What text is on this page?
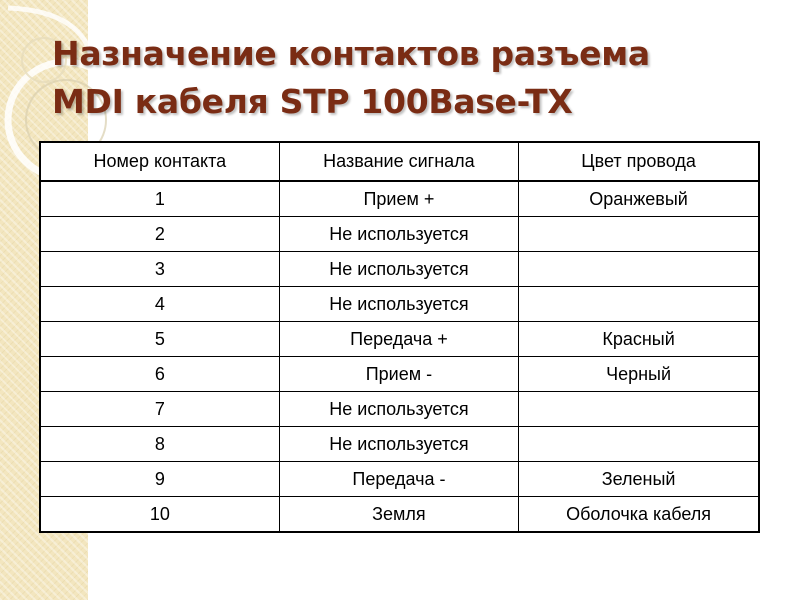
Назначение контактов разъема
MDI кабеля STP 100Base-TX
Номер контакта	Название сигнала	Цвет провода
1	Прием +	Оранжевый
2	Не используется	
3	Не используется	
4	Не используется	
5	Передача +	Красный
6	Прием -	Черный
7	Не используется	
8	Не используется	
9	Передача -	Зеленый
10	Земля	Оболочка кабеля
